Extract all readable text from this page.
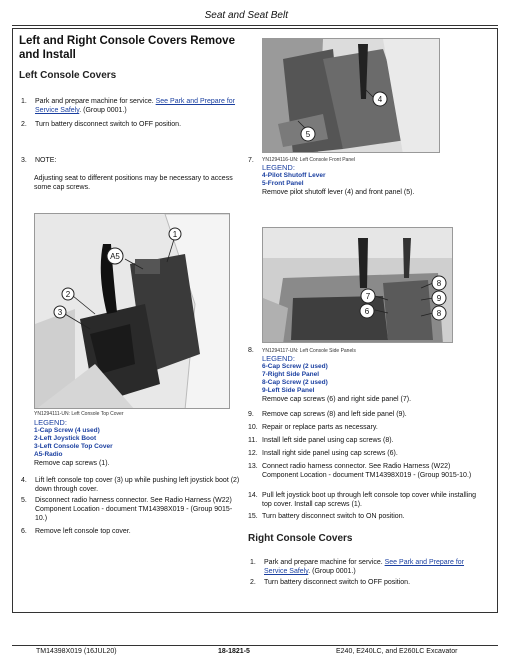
Seat and Seat Belt

Left and Right Console Covers Remove and Install

Left Console Covers
1. Park and prepare machine for service. See Park and Prepare for Service Safely. (Group 0001.)
2. Turn battery disconnect switch to OFF position.
3. NOTE:
Adjusting seat to different positions may be necessary to access some cap screws.
1
A5
2
3
YN1294111-UN: Left Console Top Cover
LEGEND:
1-Cap Screw (4 used)
2-Left Joystick Boot
3-Left Console Top Cover
A5-Radio
Remove cap screws (1).
4. Lift left console top cover (3) up while pushing left joystick boot (2) down through cover.
5. Disconnect radio harness connector. See Radio Harness (W22) Component Location - document TM14398X019 - (Group 9015-10.)
6. Remove left console top cover.
4
5
7. YN1294116-UN: Left Console Front Panel
LEGEND:
4-Pilot Shutoff Lever
5-Front Panel
Remove pilot shutoff lever (4) and front panel (5).
8
7	9
6	8
8. YN1294117-UN: Left Console Side Panels
LEGEND:
6-Cap Screw (2 used)
7-Right Side Panel
8-Cap Screw (2 used)
9-Left Side Panel
Remove cap screws (6) and right side panel (7).
9. Remove cap screws (8) and left side panel (9).
10. Repair or replace parts as necessary.
11. Install left side panel using cap screws (8).
12. Install right side panel using cap screws (6).
13. Connect radio harness connector. See Radio Harness (W22) Component Location - document TM14398X019 - (Group 9015-10.)
14. Pull left joystick boot up through left console top cover while installing top cover. Install cap screws (1).
15. Turn battery disconnect switch to ON position.
Right Console Covers
1. Park and prepare machine for service. See Park and Prepare for Service Safely. (Group 0001.)
2. Turn battery disconnect switch to OFF position.
TM14398X019 (16JUL20)	18-1821-5	E240, E240LC, and E260LC Excavator
